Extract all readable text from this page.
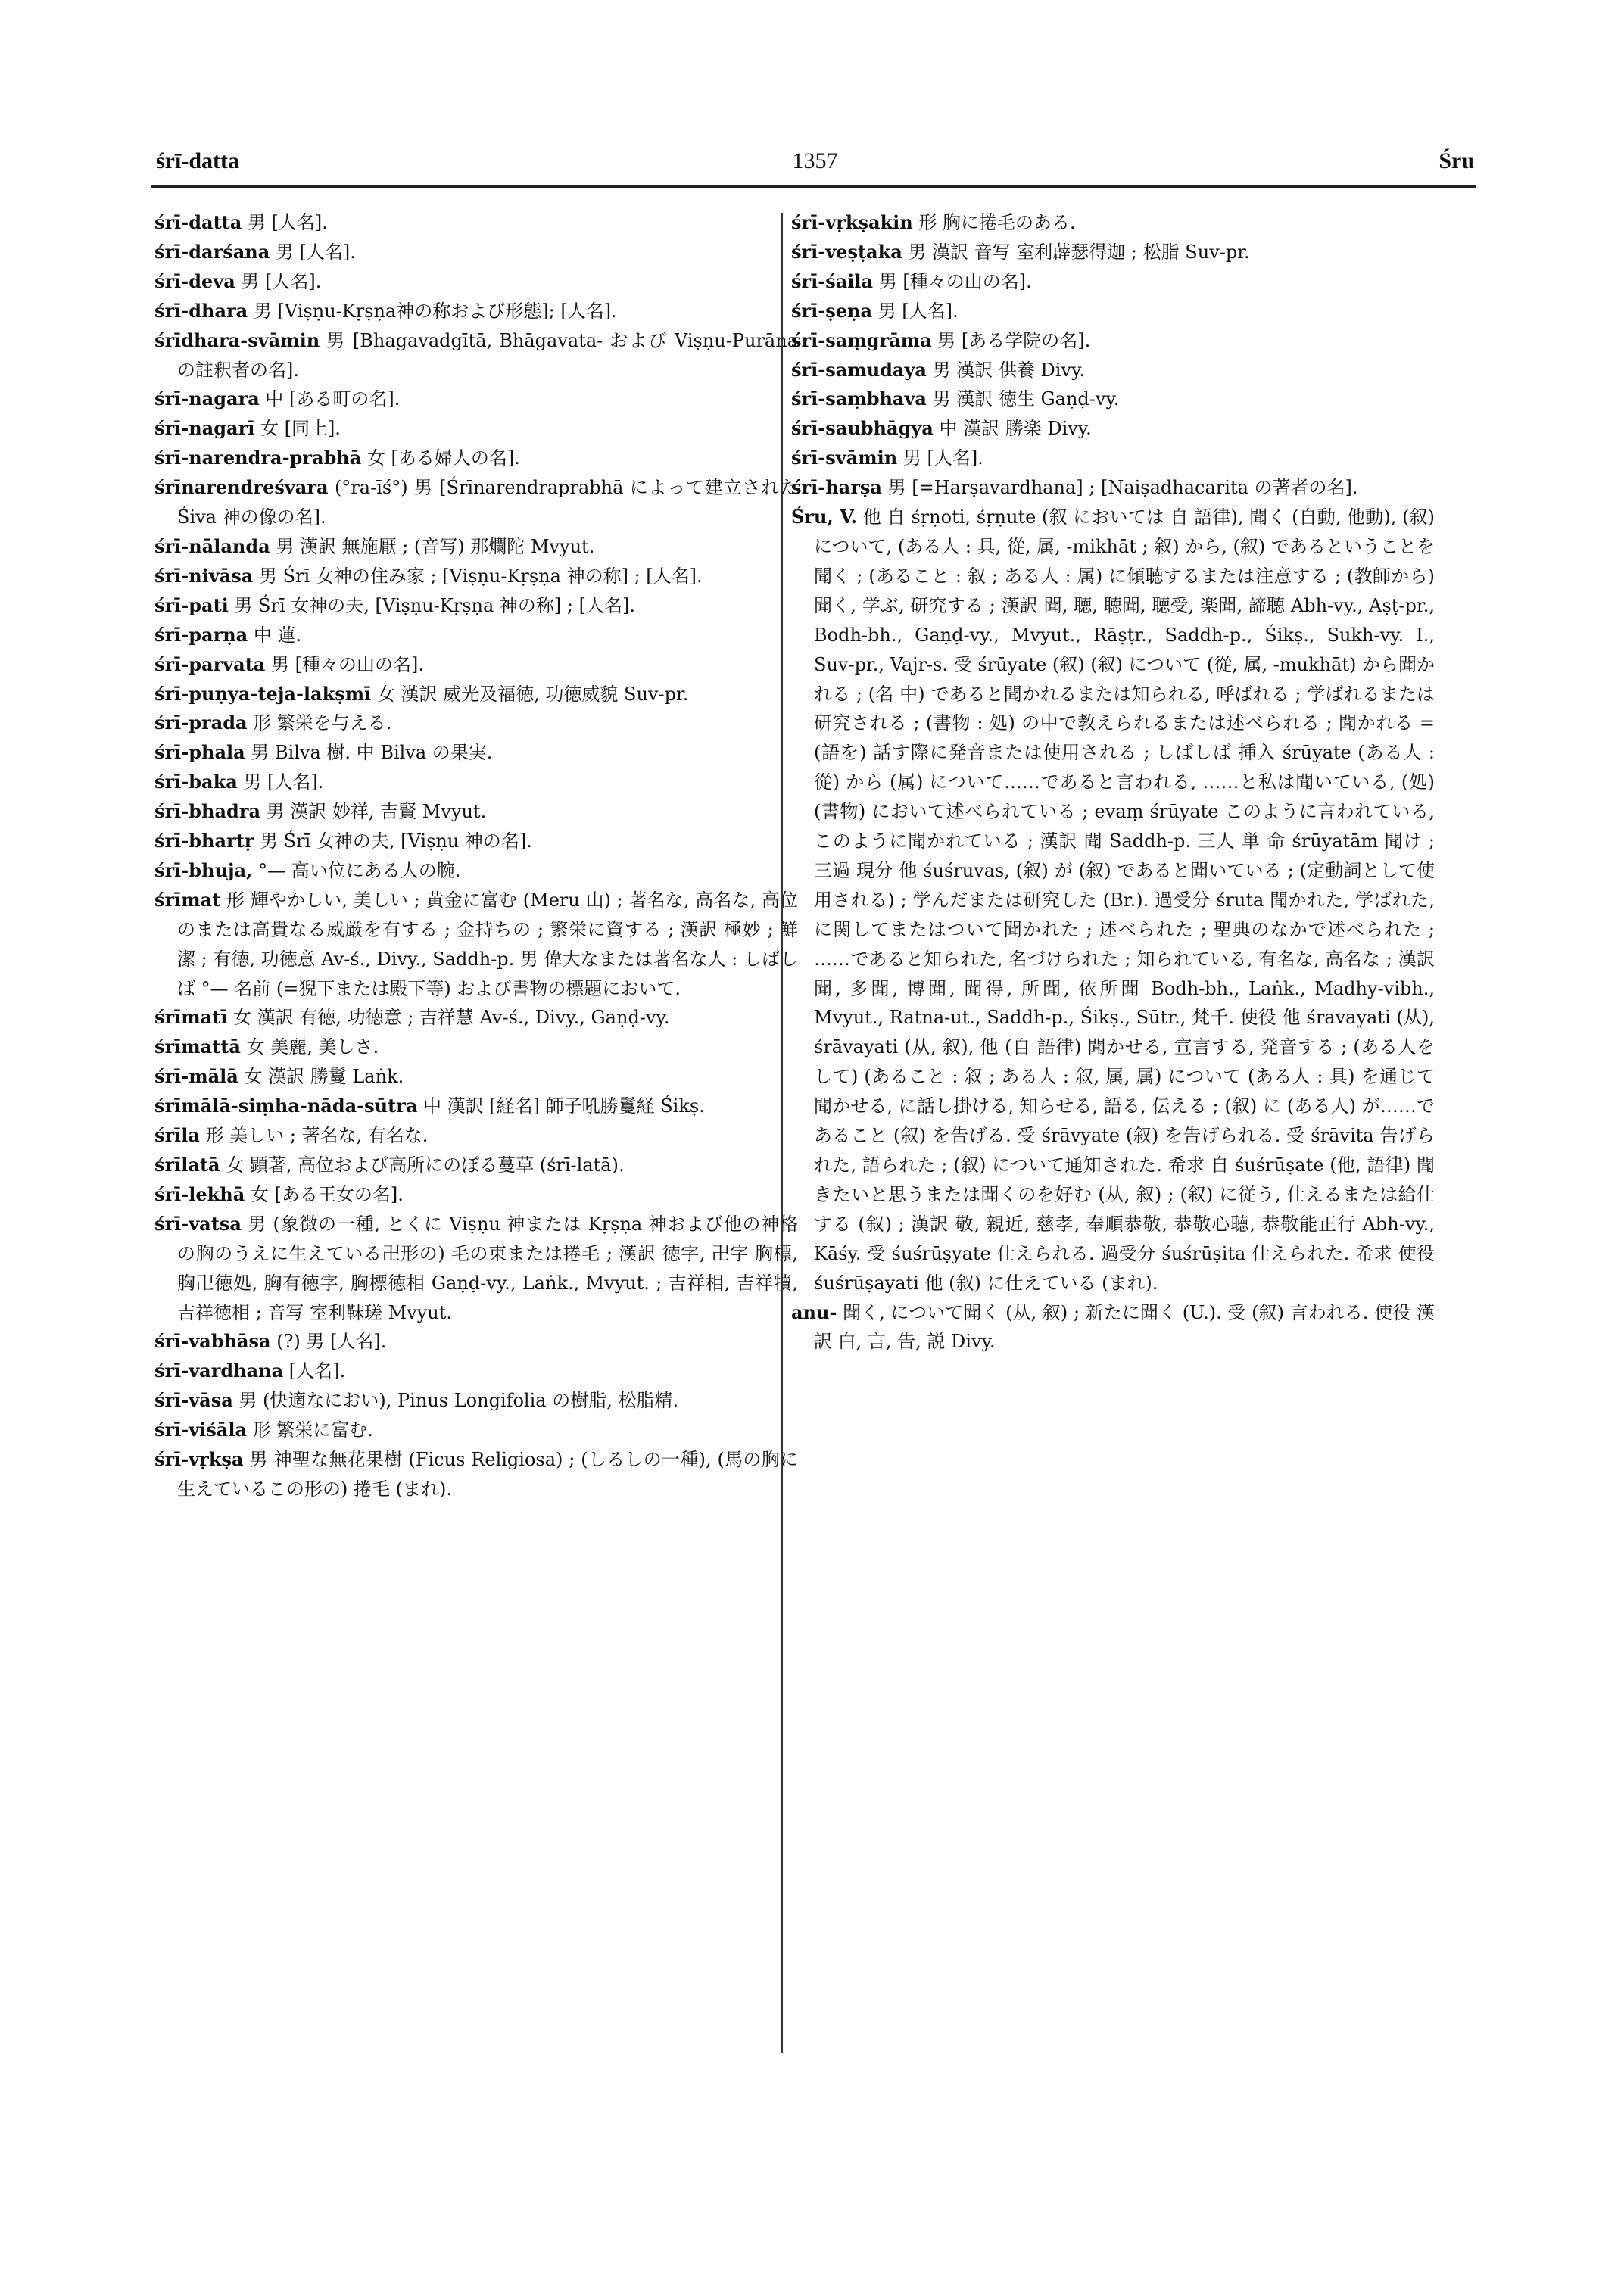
śrī-datta	1357	Śru

śrī-datta 男 [人名].

śrī-darśana 男 [人名].

śrī-deva 男 [人名].

śrī-dhara 男 [Viṣṇu-Kṛṣṇa神の称および形態]; [人名].

śrīdhara-svāmin 男 [Bhagavadgītā, Bhāgavata- および Viṣṇu-Purāṇa の註釈者の名].

śrī-nagara 中 [ある町の名].

śrī-nagarī 女 [同上].

śrī-narendra-prabhā 女 [ある婦人の名].

śrīnarendreśvara (°ra-īś°) 男 [Śrīnarendraprabhā によって建立された Śiva 神の像の名].

śrī-nālanda 男 漢訳 無施厭 ; (音写) 那爛陀 Mvyut.

śrī-nivāsa 男 Śrī 女神の住み家 ; [Viṣṇu-Kṛṣṇa 神の称] ; [人名].

śrī-pati 男 Śrī 女神の夫, [Viṣṇu-Kṛṣṇa 神の称] ; [人名].

śrī-parṇa 中 蓮.

śrī-parvata 男 [種々の山の名].

śrī-puṇya-teja-lakṣmī 女 漢訳 威光及福徳, 功徳威貌 Suv-pr.

śrī-prada 形 繁栄を与える.

śrī-phala 男 Bilva 樹. 中 Bilva の果実.

śrī-baka 男 [人名].

śrī-bhadra 男 漢訳 妙祥, 吉賢 Mvyut.

śrī-bhartṛ 男 Śrī 女神の夫, [Viṣṇu 神の名].

śrī-bhuja, °— 高い位にある人の腕.

śrīmat 形 輝やかしい, 美しい ; 黄金に富む (Meru 山) ; 著名な, 高名な, 高位のまたは高貴なる威厳を有する ; 金持ちの ; 繁栄に資する ; 漢訳 極妙 ; 鮮潔 ; 有徳, 功徳意 Av-ś., Divy., Saddh-p. 男 偉大なまたは著名な人 : しばしば °— 名前 (=猊下または殿下等) および書物の標題において.

śrīmatī 女 漢訳 有徳, 功徳意 ; 吉祥慧 Av-ś., Divy., Gaṇḍ-vy.

śrīmattā 女 美麗, 美しさ.

śrī-mālā 女 漢訳 勝鬘 Laṅk.

śrīmālā-siṃha-nāda-sūtra 中 漢訳 [経名] 師子吼勝鬘経 Śikṣ.

śrīla 形 美しい ; 著名な, 有名な.

śrīlatā 女 顕著, 高位および高所にのぼる蔓草 (śrī-latā).

śrī-lekhā 女 [ある王女の名].

śrī-vatsa 男 (象徴の一種, とくに Viṣṇu 神または Kṛṣṇa 神および他の神格の胸のうえに生えている卍形の) 毛の束または捲毛 ; 漢訳 徳字, 卍字 胸標, 胸卍徳処, 胸有徳字, 胸標徳相 Gaṇḍ-vy., Laṅk., Mvyut. ; 吉祥相, 吉祥犢, 吉祥徳相 ; 音写 室利靺瑳 Mvyut.

śrī-vabhāsa (?) 男 [人名].

śrī-vardhana [人名].

śrī-vāsa 男 (快適なにおい), Pinus Longifolia の樹脂, 松脂精.

śrī-viśāla 形 繁栄に富む.

śrī-vṛkṣa 男 神聖な無花果樹 (Ficus Religiosa) ; (しるしの一種), (馬の胸に生えているこの形の) 捲毛 (まれ).

śrī-vṛkṣakin 形 胸に捲毛のある.

śrī-veṣṭaka 男 漢訳 音写 室利薜瑟得迦 ; 松脂 Suv-pr.

śrī-śaila 男 [種々の山の名].

śrī-ṣeṇa 男 [人名].

śrī-saṃgrāma 男 [ある学院の名].

śrī-samudaya 男 漢訳 供養 Divy.

śrī-saṃbhava 男 漢訳 徳生 Gaṇḍ-vy.

śrī-saubhāgya 中 漢訳 勝楽 Divy.

śrī-svāmin 男 [人名].

śrī-harṣa 男 [=Harṣavardhana] ; [Naiṣadhacarita の著者の名].

Śru, V. 他 自 śṛṇoti, śṛṇute (叙 においては 自 語律), 聞く (自動, 他動), (叙) について, (ある人 : 具, 從, 属, -mikhāt ; 叙) から, (叙) であるということを聞く ; (あること : 叙 ; ある人 : 属) に傾聴するまたは注意する ; (教師から) 聞く, 学ぶ, 研究する ; 漢訳 聞, 聴, 聴聞, 聴受, 楽聞, 諦聴 Abh-vy., Aṣṭ-pr., Bodh-bh., Gaṇḍ-vy., Mvyut., Rāṣṭr., Saddh-p., Śikṣ., Sukh-vy. I., Suv-pr., Vajr-s. 受 śrūyate (叙) (叙) について (從, 属, -mukhāt) から聞かれる ; (名 中) であると聞かれるまたは知られる, 呼ばれる ; 学ばれるまたは研究される ; (書物 : 処) の中で教えられるまたは述べられる ; 聞かれる = (語を) 話す際に発音または使用される ; しばしば 挿入 śrūyate (ある人 : 從) から (属) について……であると言われる, ……と私は聞いている, (処) (書物) において述べられている ; evaṃ śrūyate このように言われている, このように聞かれている ; 漢訳 聞 Saddh-p. 三人 単 命 śrūyatām 聞け ; 三過 現分 他 śuśruvas, (叙) が (叙) であると聞いている ; (定動詞として使用される) ; 学んだまたは研究した (Br.). 過受分 śruta 聞かれた, 学ばれた, に関してまたはついて聞かれた ; 述べられた ; 聖典のなかで述べられた ; ……であると知られた, 名づけられた ; 知られている, 有名な, 高名な ; 漢訳 聞, 多聞, 博聞, 聞得, 所聞, 依所聞 Bodh-bh., Laṅk., Madhy-vibh., Mvyut., Ratna-ut., Saddh-p., Śikṣ., Sūtr., 梵千. 使役 他 śravayati (从), śrāvayati (从, 叙), 他 (自 語律) 聞かせる, 宣言する, 発音する ; (ある人をして) (あること : 叙 ; ある人 : 叙, 属, 属) について (ある人 : 具) を通じて聞かせる, に話し掛ける, 知らせる, 語る, 伝える ; (叙) に (ある人) が……であること (叙) を告げる. 受 śrāvyate (叙) を告げられる. 受 śrāvita 告げられた, 語られた ; (叙) について通知された. 希求 自 śuśrūṣate (他, 語律) 聞きたいと思うまたは聞くのを好む (从, 叙) ; (叙) に従う, 仕えるまたは給仕する (叙) ; 漢訳 敬, 親近, 慈孝, 奉順恭敬, 恭敬心聴, 恭敬能正行 Abh-vy., Kāśy. 受 śuśrūṣyate 仕えられる. 過受分 śuśrūṣita 仕えられた. 希求 使役 śuśrūṣayati 他 (叙) に仕えている (まれ).

anu- 聞く, について聞く (从, 叙) ; 新たに聞く (U.). 受 (叙) 言われる. 使役 漢訳 白, 言, 告, 説 Divy.
